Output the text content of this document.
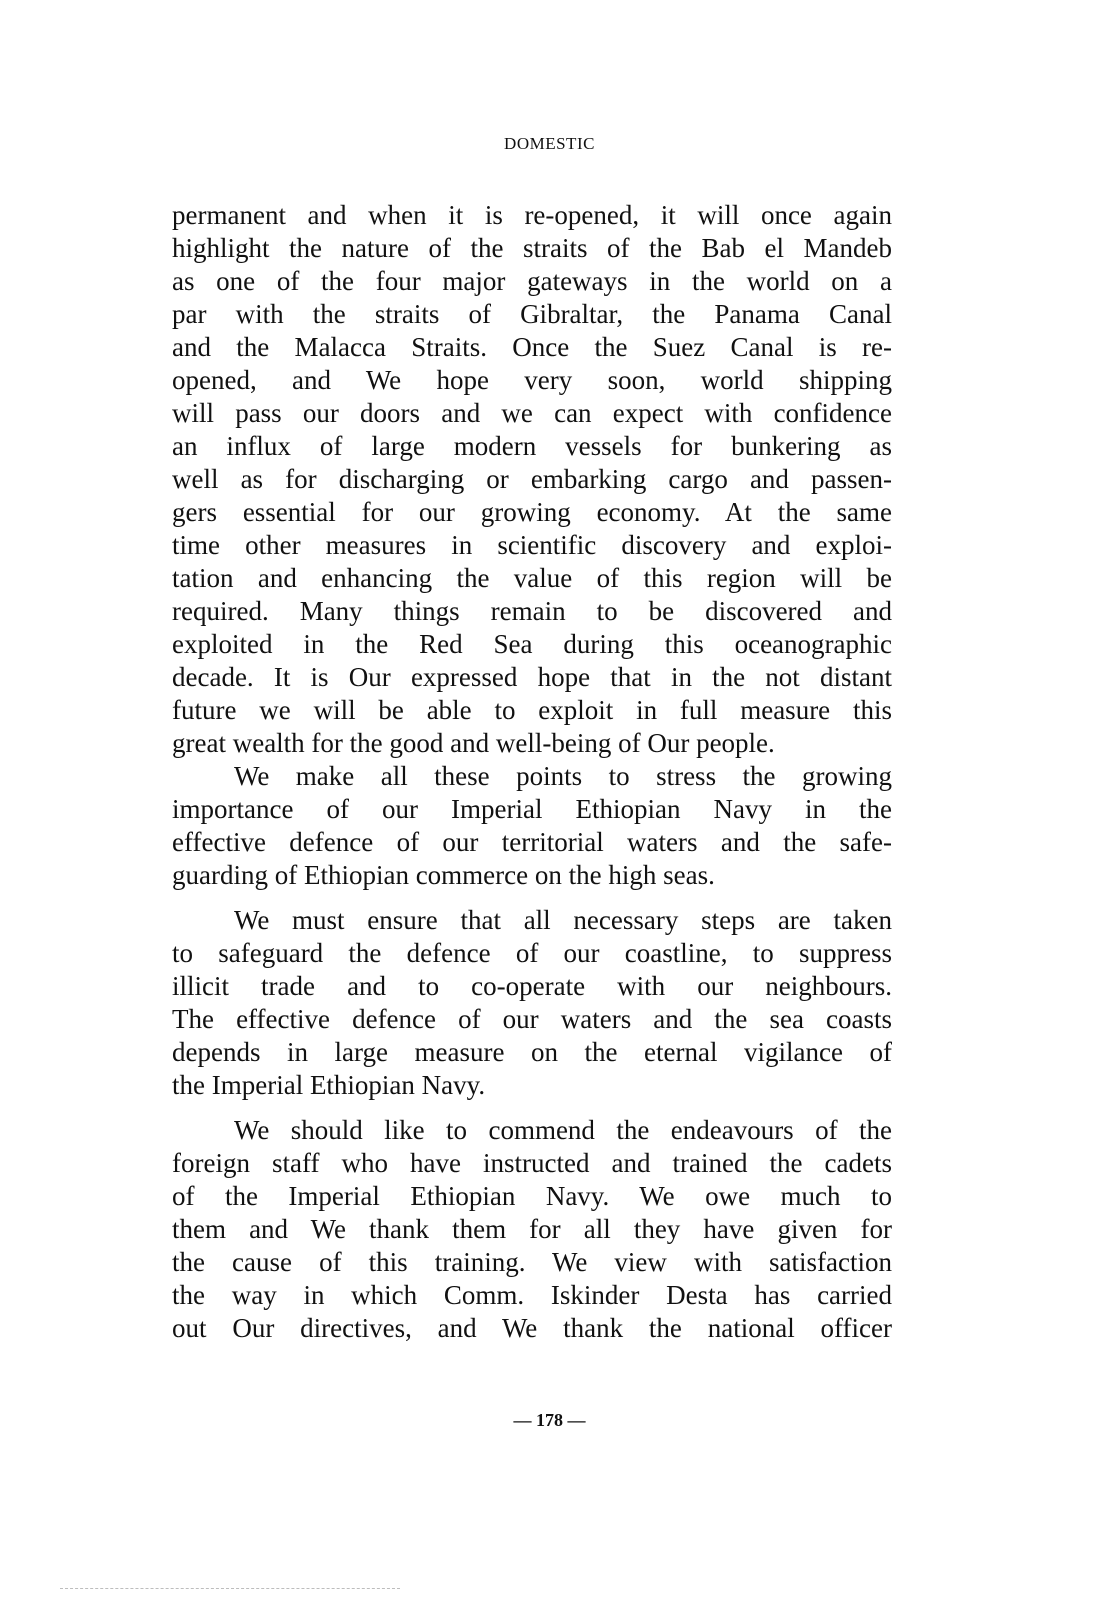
DOMESTIC
permanent and when it is re-opened, it will once again
highlight the nature of the straits of the Bab el Mandeb
as one of the four major gateways in the world on a
par with the straits of Gibraltar, the Panama Canal
and the Malacca Straits. Once the Suez Canal is re-
opened, and We hope very soon, world shipping
will pass our doors and we can expect with confidence
an influx of large modern vessels for bunkering as
well as for discharging or embarking cargo and passen-
gers essential for our growing economy. At the same
time other measures in scientific discovery and exploi-
tation and enhancing the value of this region will be
required. Many things remain to be discovered and
exploited in the Red Sea during this oceanographic
decade. It is Our expressed hope that in the not distant
future we will be able to exploit in full measure this
great wealth for the good and well-being of Our people.
We make all these points to stress the growing
importance of our Imperial Ethiopian Navy in the
effective defence of our territorial waters and the safe-
guarding of Ethiopian commerce on the high seas.
We must ensure that all necessary steps are taken
to safeguard the defence of our coastline, to suppress
illicit trade and to co-operate with our neighbours.
The effective defence of our waters and the sea coasts
depends in large measure on the eternal vigilance of
the Imperial Ethiopian Navy.
We should like to commend the endeavours of the
foreign staff who have instructed and trained the cadets
of the Imperial Ethiopian Navy. We owe much to
them and We thank them for all they have given for
the cause of this training. We view with satisfaction
the way in which Comm. Iskinder Desta has carried
out Our directives, and We thank the national officer
— 178 —
